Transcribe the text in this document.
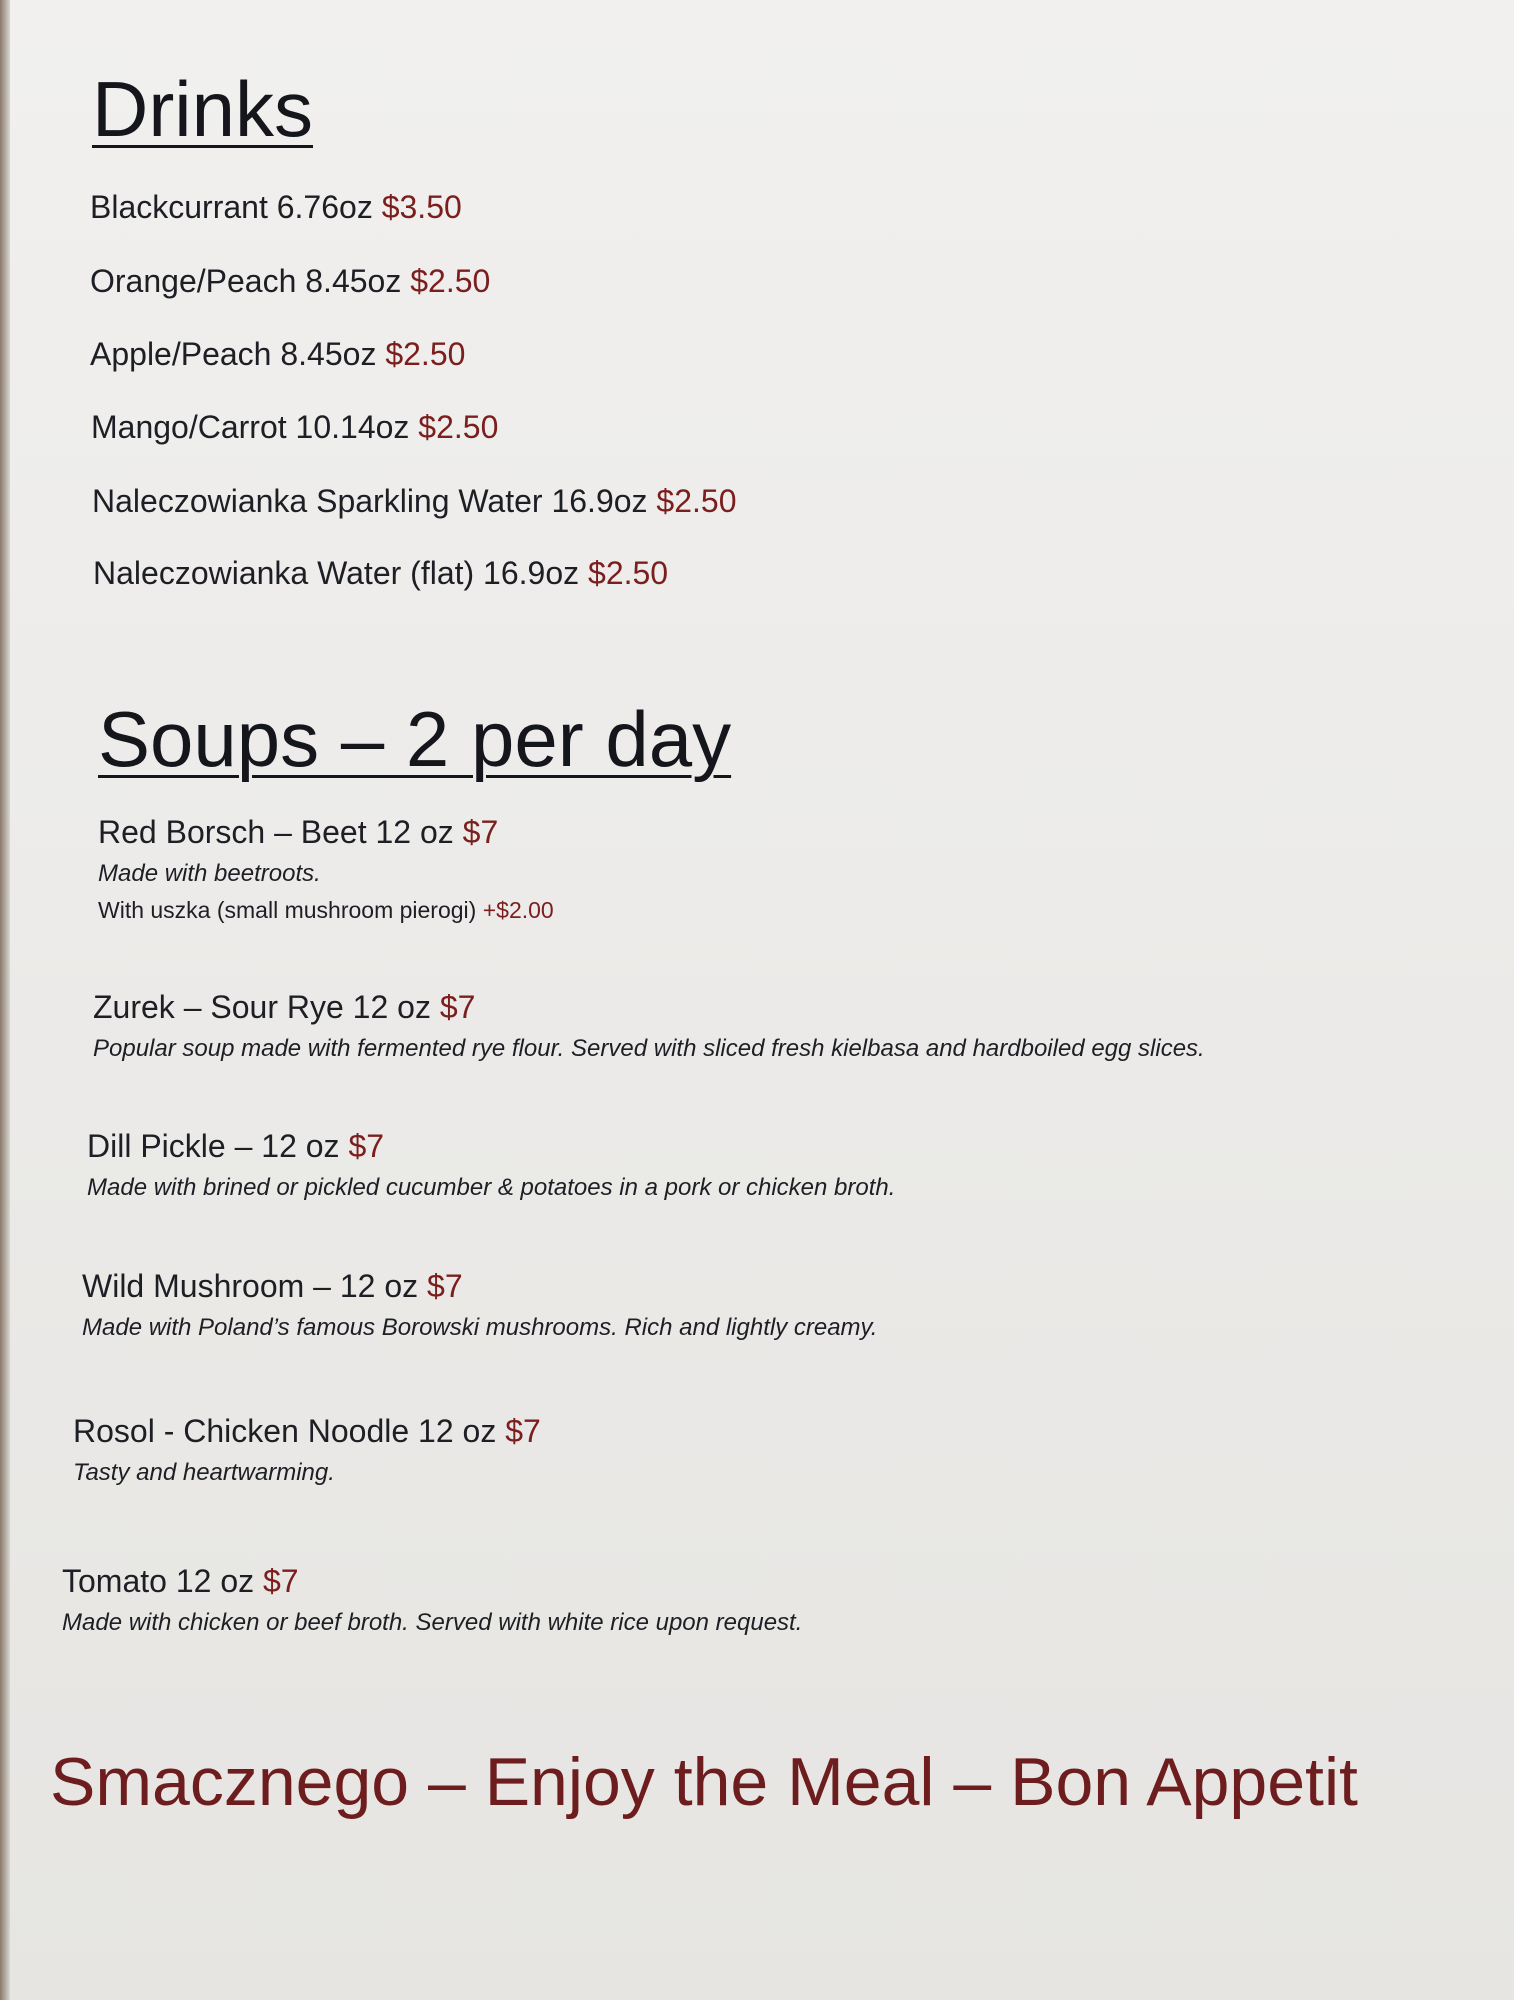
Drinks
Blackcurrant 6.76oz $3.50
Orange/Peach 8.45oz $2.50
Apple/Peach 8.45oz $2.50
Mango/Carrot 10.14oz $2.50
Naleczowianka Sparkling Water 16.9oz $2.50
Naleczowianka Water (flat) 16.9oz $2.50
Soups – 2 per day
Red Borsch – Beet 12 oz $7
Made with beetroots.
With uszka (small mushroom pierogi) +$2.00
Zurek – Sour Rye 12 oz $7
Popular soup made with fermented rye flour. Served with sliced fresh kielbasa and hardboiled egg slices.
Dill Pickle – 12 oz $7
Made with brined or pickled cucumber & potatoes in a pork or chicken broth.
Wild Mushroom – 12 oz $7
Made with Poland’s famous Borowski mushrooms. Rich and lightly creamy.
Rosol - Chicken Noodle 12 oz $7
Tasty and heartwarming.
Tomato 12 oz $7
Made with chicken or beef broth. Served with white rice upon request.
Smacznego – Enjoy the Meal – Bon Appetit
